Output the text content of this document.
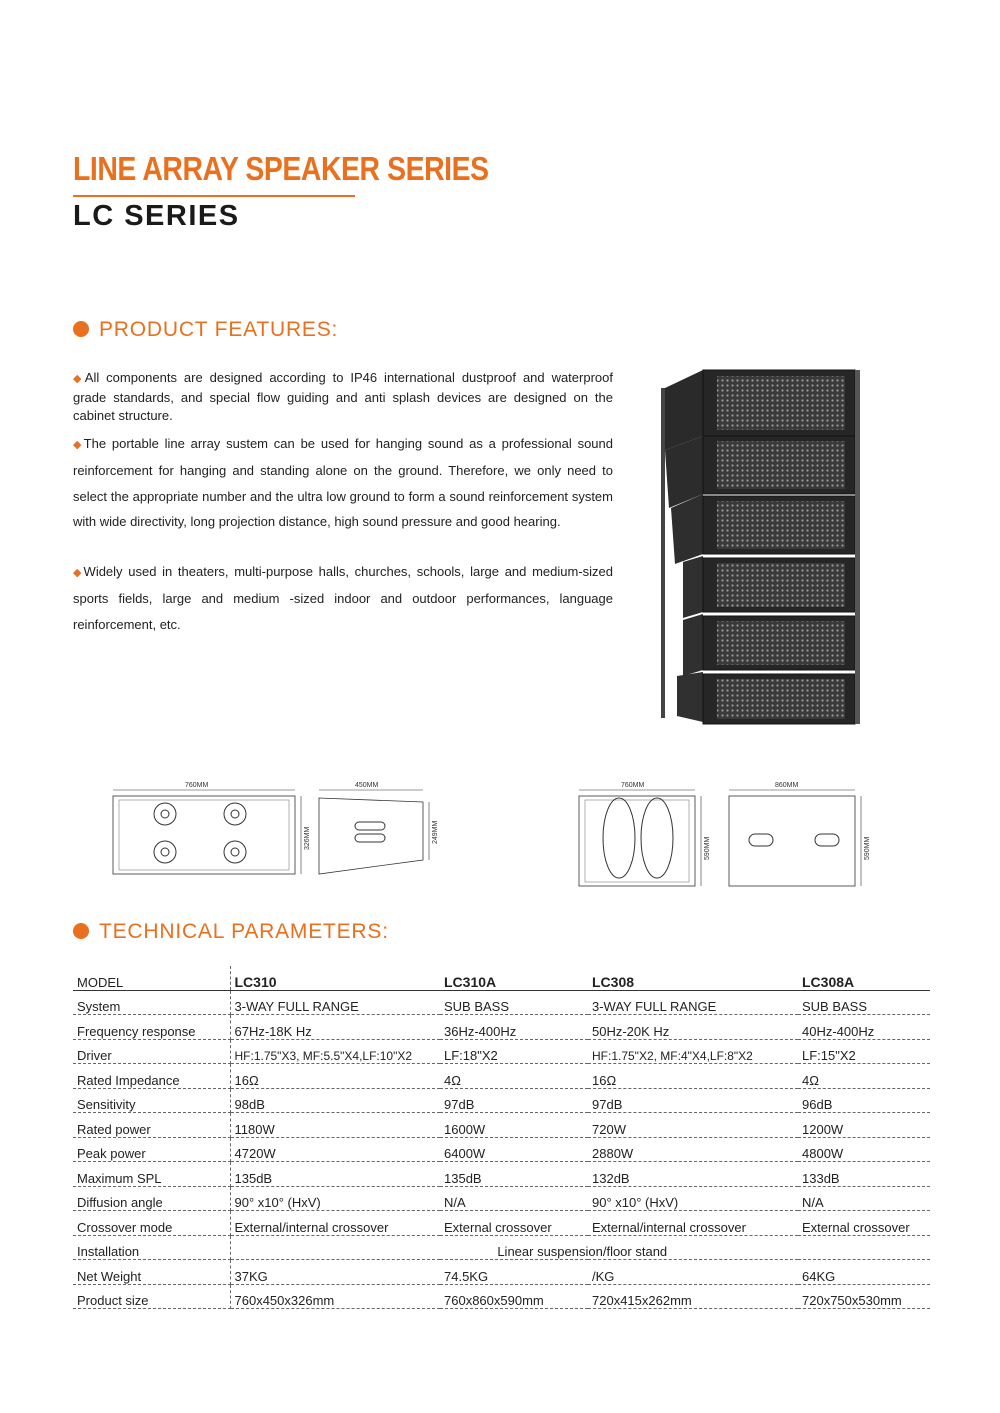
LINE ARRAY SPEAKER SERIES
LC SERIES
PRODUCT FEATURES:
◆All components are designed according to IP46 international dustproof and waterproof grade standards, and special flow guiding and anti splash devices are designed on the cabinet structure.
◆The portable line array sustem can be used for hanging sound as a professional sound reinforcement for hanging and standing alone on the ground. Therefore, we only need to select the appropriate number and the ultra low ground to form a sound reinforcement system with wide directivity, long projection distance, high sound pressure and good hearing.
◆Widely used in theaters, multi-purpose halls, churches, schools, large and medium-sized sports fields, large and medium -sized indoor and outdoor performances, language reinforcement, etc.
760MM
326MM
450MM
249MM
760MM
590MM
860MM
590MM
TECHNICAL PARAMETERS:
MODEL	LC310	LC310A	LC308	LC308A
System	3-WAY FULL RANGE	SUB BASS	3-WAY FULL RANGE	SUB BASS
Frequency response	67Hz-18K Hz	36Hz-400Hz	50Hz-20K Hz	40Hz-400Hz
Driver	HF:1.75"X3, MF:5.5"X4,LF:10"X2	LF:18"X2	HF:1.75"X2, MF:4"X4,LF:8"X2	LF:15"X2
Rated Impedance	16Ω	4Ω	16Ω	4Ω
Sensitivity	98dB	97dB	97dB	96dB
Rated power	1180W	1600W	720W	1200W
Peak power	4720W	6400W	2880W	4800W
Maximum SPL	135dB	135dB	132dB	133dB
Diffusion angle	90° x10° (HxV)	N/A	90° x10° (HxV)	N/A
Crossover mode	External/internal crossover	External crossover	External/internal crossover	External crossover
Installation	Linear suspension/floor stand			
Net Weight	37KG	74.5KG	/KG	64KG
Product size	760x450x326mm	760x860x590mm	720x415x262mm	720x750x530mm
